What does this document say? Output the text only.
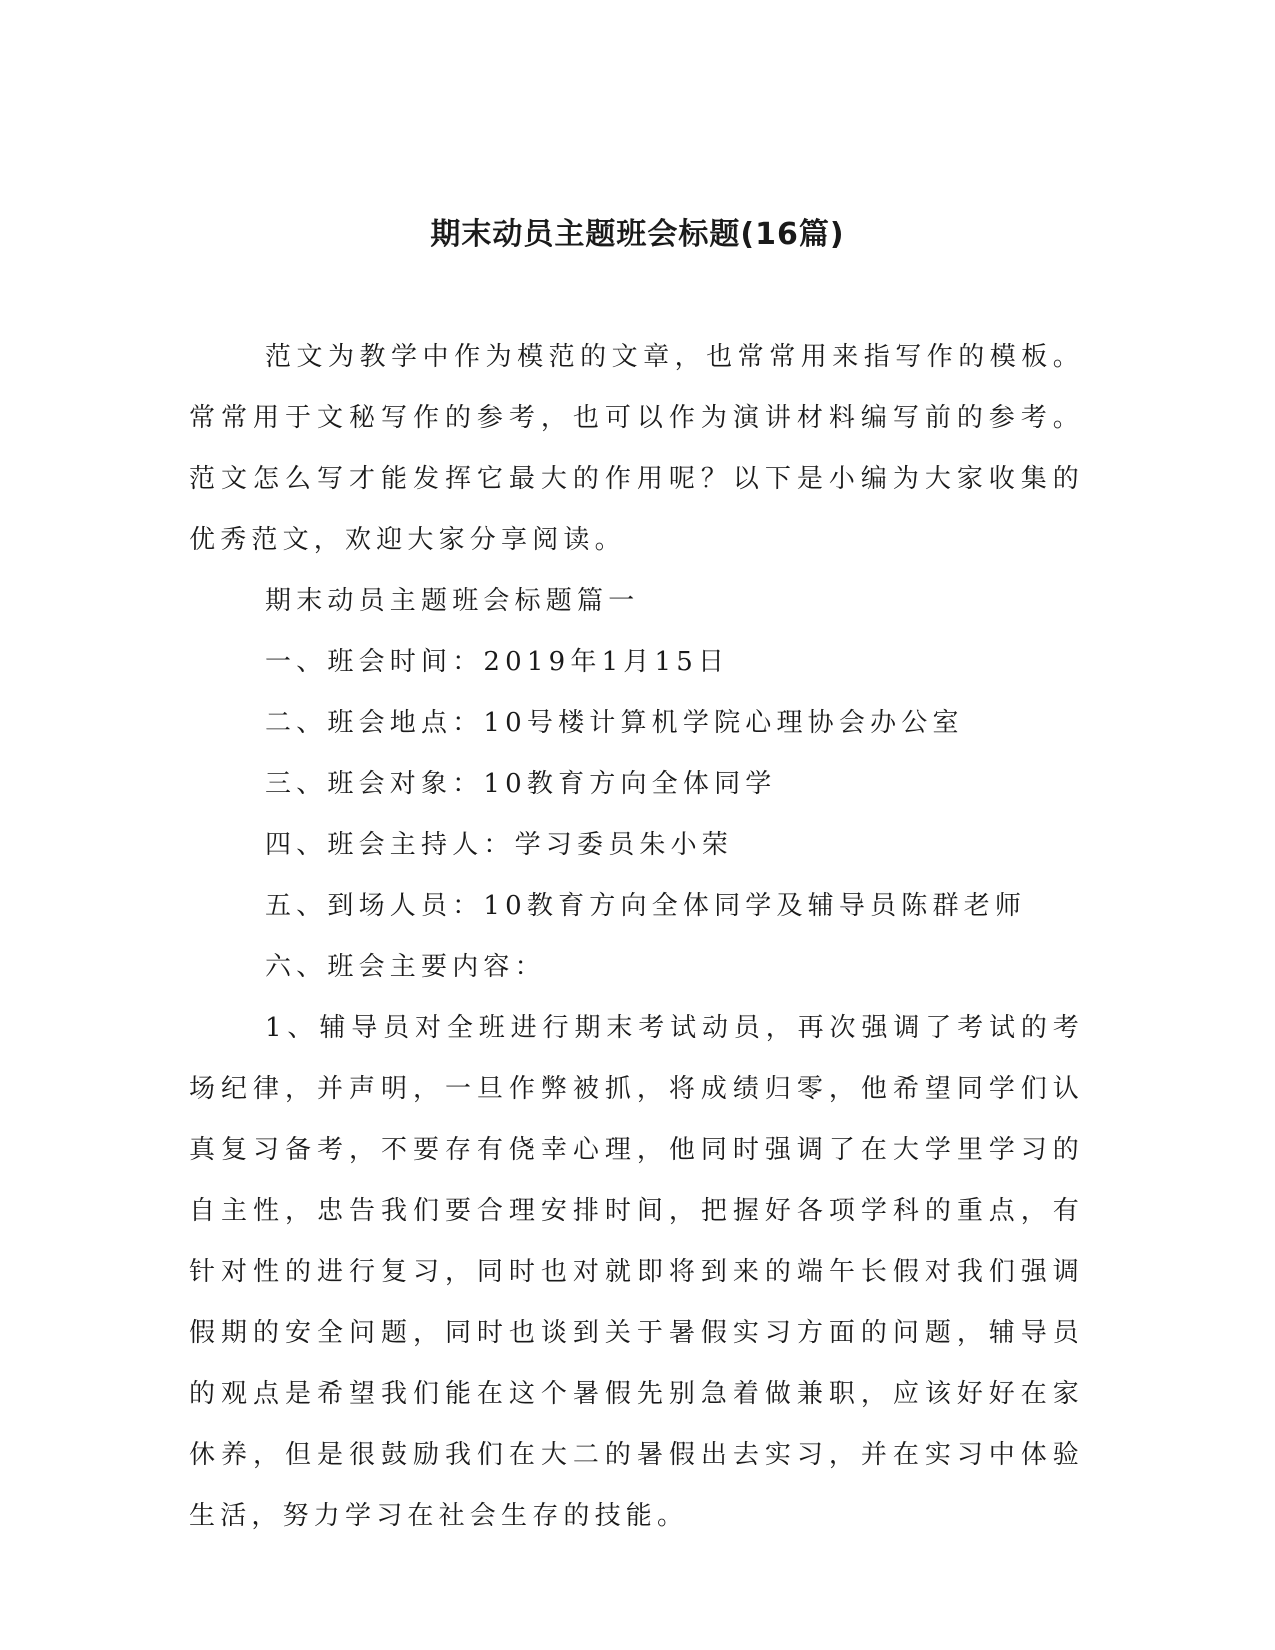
期末动员主题班会标题(16篇)

范文为教学中作为模范的文章，也常常用来指写作的模板。常常用于文秘写作的参考，也可以作为演讲材料编写前的参考。范文怎么写才能发挥它最大的作用呢？以下是小编为大家收集的优秀范文，欢迎大家分享阅读。

期末动员主题班会标题篇一

一、班会时间：2019年1月15日

二、班会地点：10号楼计算机学院心理协会办公室

三、班会对象：10教育方向全体同学

四、班会主持人：学习委员朱小荣

五、到场人员：10教育方向全体同学及辅导员陈群老师

六、班会主要内容：

1、辅导员对全班进行期末考试动员，再次强调了考试的考场纪律，并声明，一旦作弊被抓，将成绩归零，他希望同学们认真复习备考，不要存有侥幸心理，他同时强调了在大学里学习的自主性，忠告我们要合理安排时间，把握好各项学科的重点，有针对性的进行复习，同时也对就即将到来的端午长假对我们强调假期的安全问题，同时也谈到关于暑假实习方面的问题，辅导员的观点是希望我们能在这个暑假先别急着做兼职，应该好好在家休养，但是很鼓励我们在大二的暑假出去实习，并在实习中体验生活，努力学习在社会生存的技能。
